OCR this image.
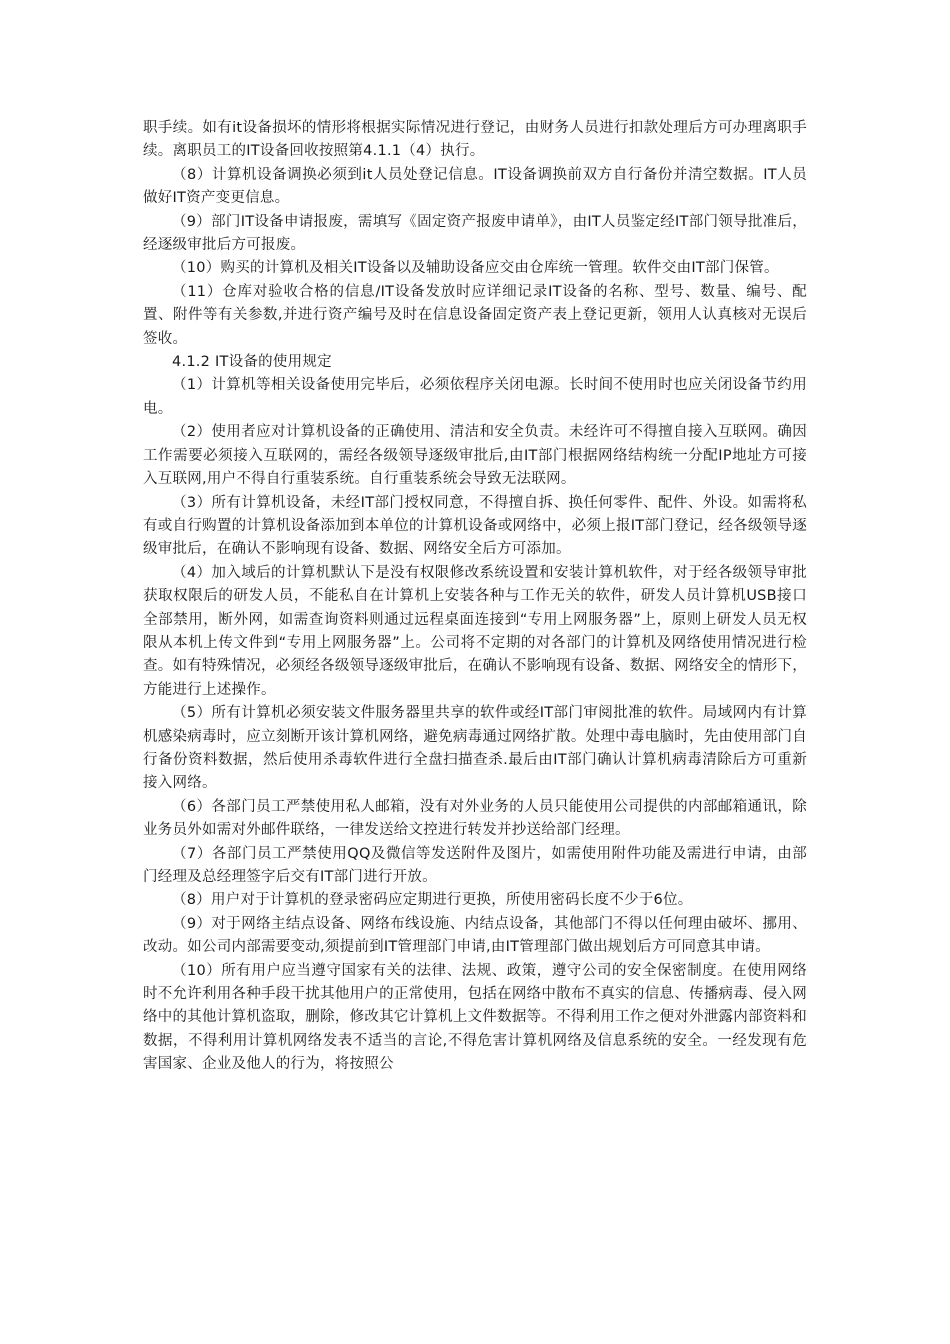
职手续。如有it设备损坏的情形将根据实际情况进行登记，由财务人员进行扣款处理后方可办理离职手续。离职员工的IT设备回收按照第4.1.1（4）执行。

（8）计算机设备调换必须到it人员处登记信息。IT设备调换前双方自行备份并清空数据。IT人员做好IT资产变更信息。

（9）部门IT设备申请报废，需填写《固定资产报废申请单》，由IT人员鉴定经IT部门领导批准后，经逐级审批后方可报废。

（10）购买的计算机及相关IT设备以及辅助设备应交由仓库统一管理。软件交由IT部门保管。

（11）仓库对验收合格的信息/IT设备发放时应详细记录IT设备的名称、型号、数量、编号、配置、附件等有关参数,并进行资产编号及时在信息设备固定资产表上登记更新，领用人认真核对无误后签收。

4.1.2 IT设备的使用规定

（1）计算机等相关设备使用完毕后，必须依程序关闭电源。长时间不使用时也应关闭设备节约用电。

（2）使用者应对计算机设备的正确使用、清洁和安全负责。未经许可不得擅自接入互联网。确因工作需要必须接入互联网的，需经各级领导逐级审批后,由IT部门根据网络结构统一分配IP地址方可接入互联网,用户不得自行重装系统。自行重装系统会导致无法联网。

（3）所有计算机设备，未经IT部门授权同意，不得擅自拆、换任何零件、配件、外设。如需将私有或自行购置的计算机设备添加到本单位的计算机设备或网络中，必须上报IT部门登记，经各级领导逐级审批后，在确认不影响现有设备、数据、网络安全后方可添加。

（4）加入域后的计算机默认下是没有权限修改系统设置和安装计算机软件，对于经各级领导审批获取权限后的研发人员，不能私自在计算机上安装各种与工作无关的软件，研发人员计算机USB接口全部禁用，断外网，如需查询资料则通过远程桌面连接到“专用上网服务器”上，原则上研发人员无权限从本机上传文件到“专用上网服务器”上。公司将不定期的对各部门的计算机及网络使用情况进行检查。如有特殊情况，必须经各级领导逐级审批后，在确认不影响现有设备、数据、网络安全的情形下，方能进行上述操作。

（5）所有计算机必须安装文件服务器里共享的软件或经IT部门审阅批准的软件。局域网内有计算机感染病毒时，应立刻断开该计算机网络，避免病毒通过网络扩散。处理中毒电脑时，先由使用部门自行备份资料数据，然后使用杀毒软件进行全盘扫描查杀.最后由IT部门确认计算机病毒清除后方可重新接入网络。

（6）各部门员工严禁使用私人邮箱，没有对外业务的人员只能使用公司提供的内部邮箱通讯，除业务员外如需对外邮件联络，一律发送给文控进行转发并抄送给部门经理。

（7）各部门员工严禁使用QQ及微信等发送附件及图片，如需使用附件功能及需进行申请，由部门经理及总经理签字后交有IT部门进行开放。

（8）用户对于计算机的登录密码应定期进行更换，所使用密码长度不少于6位。

（9）对于网络主结点设备、网络布线设施、内结点设备，其他部门不得以任何理由破坏、挪用、改动。如公司内部需要变动,须提前到IT管理部门申请,由IT管理部门做出规划后方可同意其申请。

（10）所有用户应当遵守国家有关的法律、法规、政策，遵守公司的安全保密制度。在使用网络时不允许利用各种手段干扰其他用户的正常使用，包括在网络中散布不真实的信息、传播病毒、侵入网络中的其他计算机盗取，删除，修改其它计算机上文件数据等。不得利用工作之便对外泄露内部资料和数据，不得利用计算机网络发表不适当的言论,不得危害计算机网络及信息系统的安全。一经发现有危害国家、企业及他人的行为，将按照公
